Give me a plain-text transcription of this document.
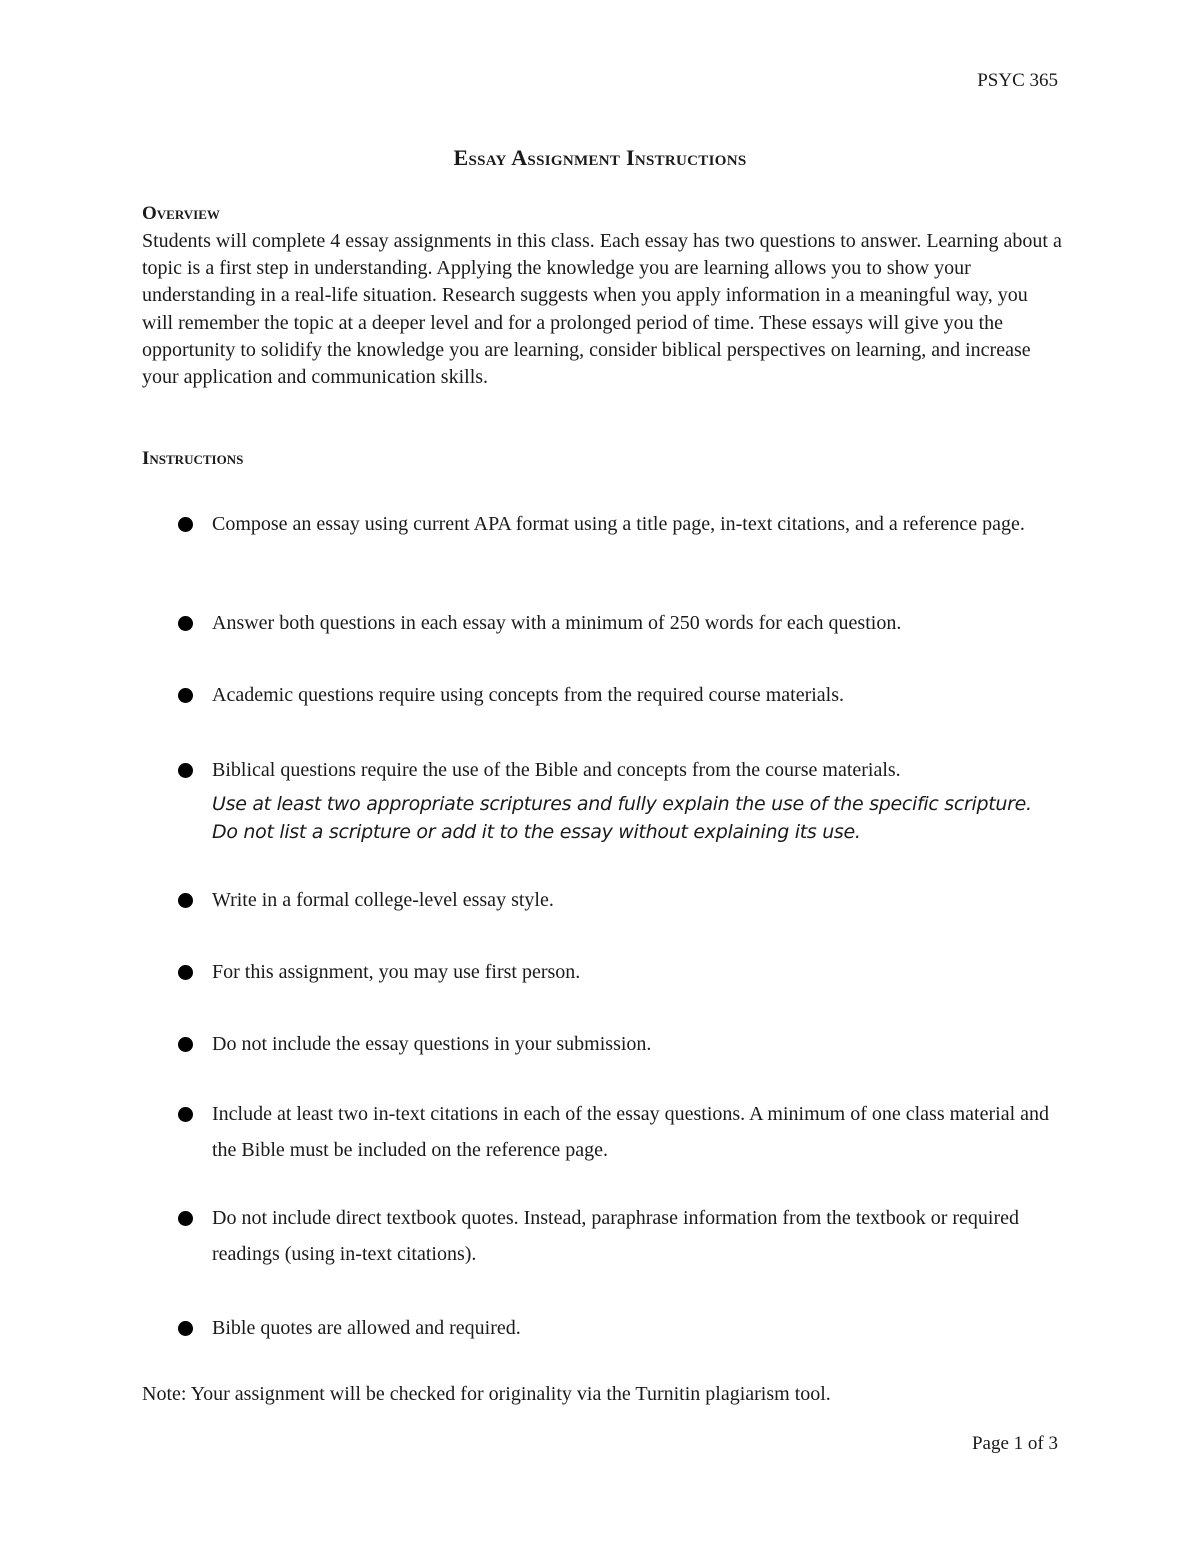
PSYC 365
Essay Assignment Instructions
Overview
Students will complete 4 essay assignments in this class. Each essay has two questions to answer. Learning about a topic is a first step in understanding. Applying the knowledge you are learning allows you to show your understanding in a real-life situation. Research suggests when you apply information in a meaningful way, you will remember the topic at a deeper level and for a prolonged period of time. These essays will give you the opportunity to solidify the knowledge you are learning, consider biblical perspectives on learning, and increase your application and communication skills.
Instructions
Compose an essay using current APA format using a title page, in-text citations, and a reference page.
Answer both questions in each essay with a minimum of 250 words for each question.
Academic questions require using concepts from the required course materials.
Biblical questions require the use of the Bible and concepts from the course materials.
Use at least two appropriate scriptures and fully explain the use of the specific scripture. Do not list a scripture or add it to the essay without explaining its use.
Write in a formal college-level essay style.
For this assignment, you may use first person.
Do not include the essay questions in your submission.
Include at least two in-text citations in each of the essay questions. A minimum of one class material and the Bible must be included on the reference page.
Do not include direct textbook quotes. Instead, paraphrase information from the textbook or required readings (using in-text citations).
Bible quotes are allowed and required.
Note: Your assignment will be checked for originality via the Turnitin plagiarism tool.
Page 1 of 3
